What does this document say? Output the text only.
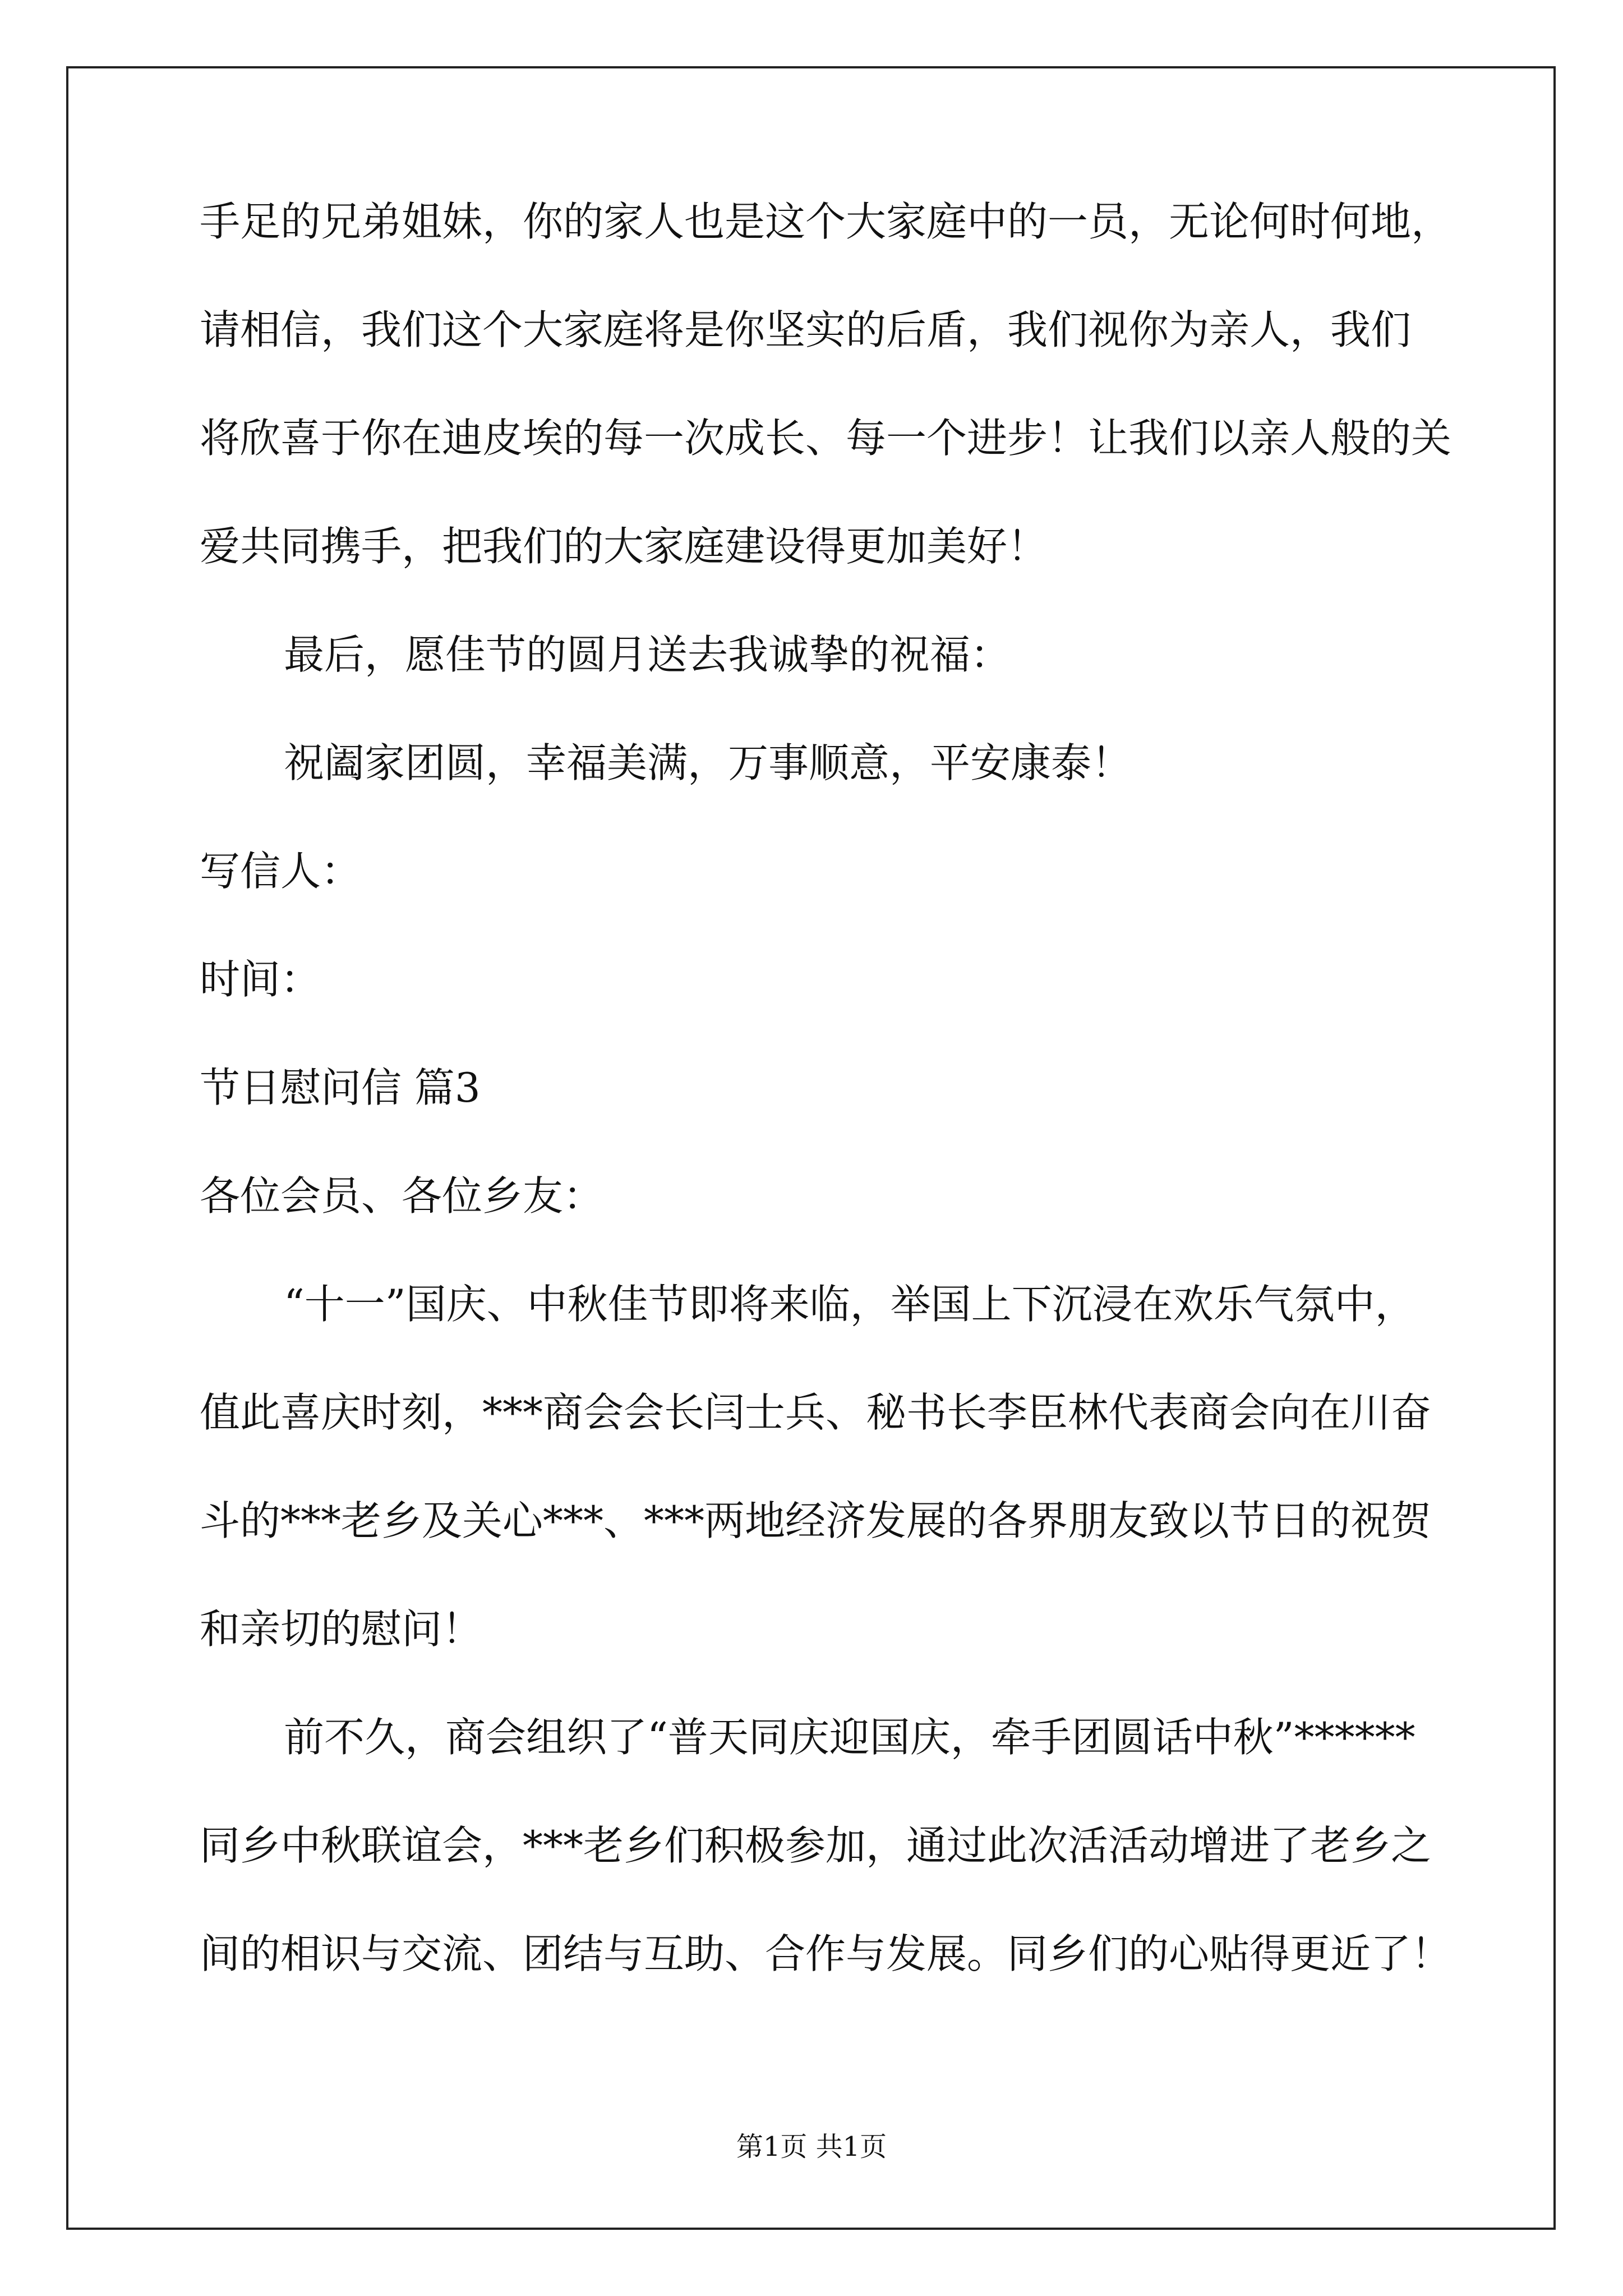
手足的兄弟姐妹，你的家人也是这个大家庭中的一员，无论何时何地，
请相信，我们这个大家庭将是你坚实的后盾，我们视你为亲人，我们
将欣喜于你在迪皮埃的每一次成长、每一个进步！让我们以亲人般的关
爱共同携手，把我们的大家庭建设得更加美好！
最后，愿佳节的圆月送去我诚挚的祝福：
祝阖家团圆，幸福美满，万事顺意，平安康泰！
写信人：
时间：
节日慰问信 篇3
各位会员、各位乡友：
“十一”国庆、中秋佳节即将来临，举国上下沉浸在欢乐气氛中，
值此喜庆时刻，***商会会长闫士兵、秘书长李臣林代表商会向在川奋
斗的***老乡及关心***、***两地经济发展的各界朋友致以节日的祝贺
和亲切的慰问！
前不久，商会组织了“普天同庆迎国庆，牵手团圆话中秋”******
同乡中秋联谊会，***老乡们积极参加，通过此次活活动增进了老乡之
间的相识与交流、团结与互助、合作与发展。同乡们的心贴得更近了！
第1页 共1页
